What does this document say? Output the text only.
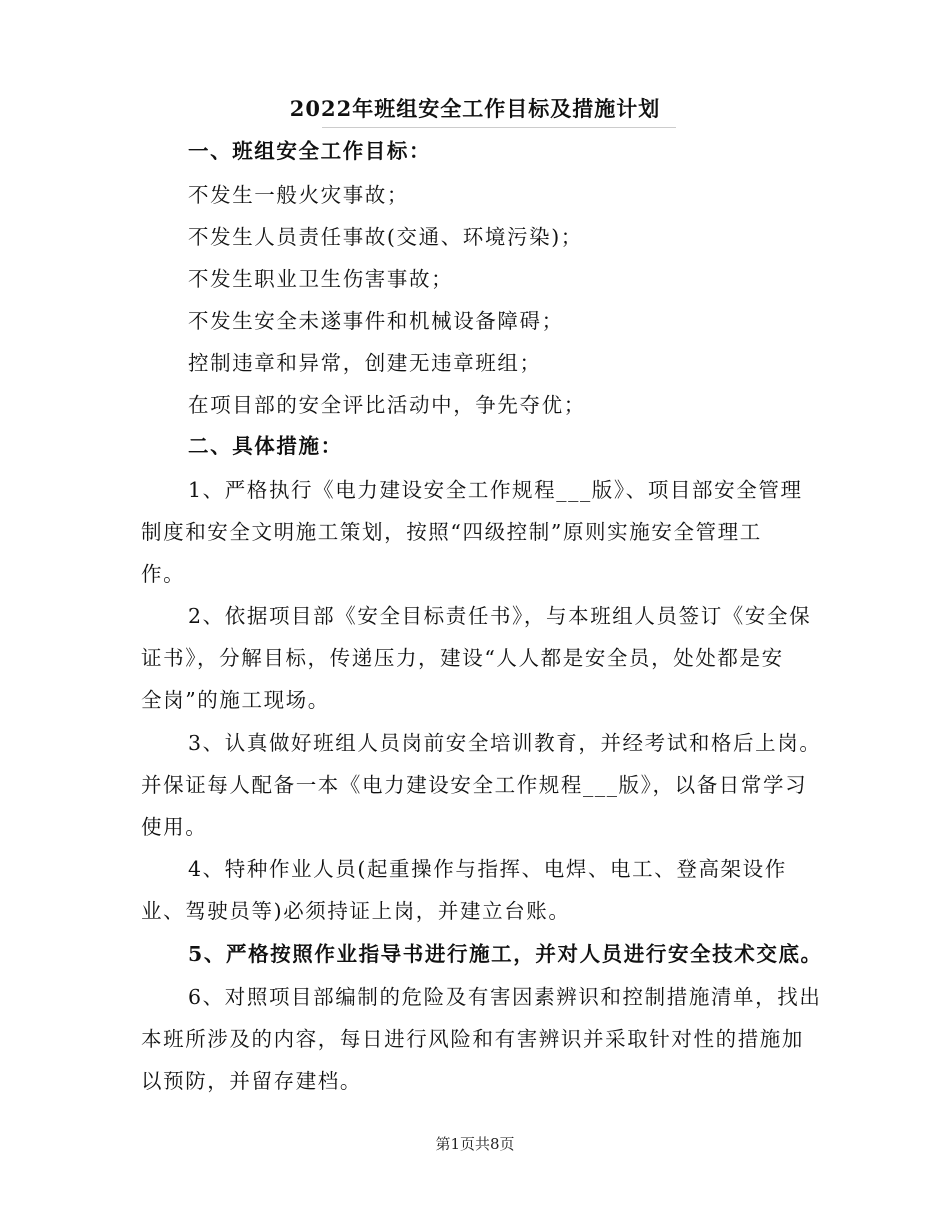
2022年班组安全工作目标及措施计划
一、班组安全工作目标：
不发生一般火灾事故；
不发生人员责任事故(交通、环境污染)；
不发生职业卫生伤害事故；
不发生安全未遂事件和机械设备障碍；
控制违章和异常，创建无违章班组；
在项目部的安全评比活动中，争先夺优；
二、具体措施：
1、严格执行《电力建设安全工作规程___版》、项目部安全管理
制度和安全文明施工策划，按照“四级控制”原则实施安全管理工
作。
2、依据项目部《安全目标责任书》，与本班组人员签订《安全保
证书》，分解目标，传递压力，建设“人人都是安全员，处处都是安
全岗”的施工现场。
3、认真做好班组人员岗前安全培训教育，并经考试和格后上岗。
并保证每人配备一本《电力建设安全工作规程___版》，以备日常学习
使用。
4、特种作业人员(起重操作与指挥、电焊、电工、登高架设作
业、驾驶员等)必须持证上岗，并建立台账。
5、严格按照作业指导书进行施工，并对人员进行安全技术交底。
6、对照项目部编制的危险及有害因素辨识和控制措施清单，找出
本班所涉及的内容，每日进行风险和有害辨识并采取针对性的措施加
以预防，并留存建档。
第1页共8页
